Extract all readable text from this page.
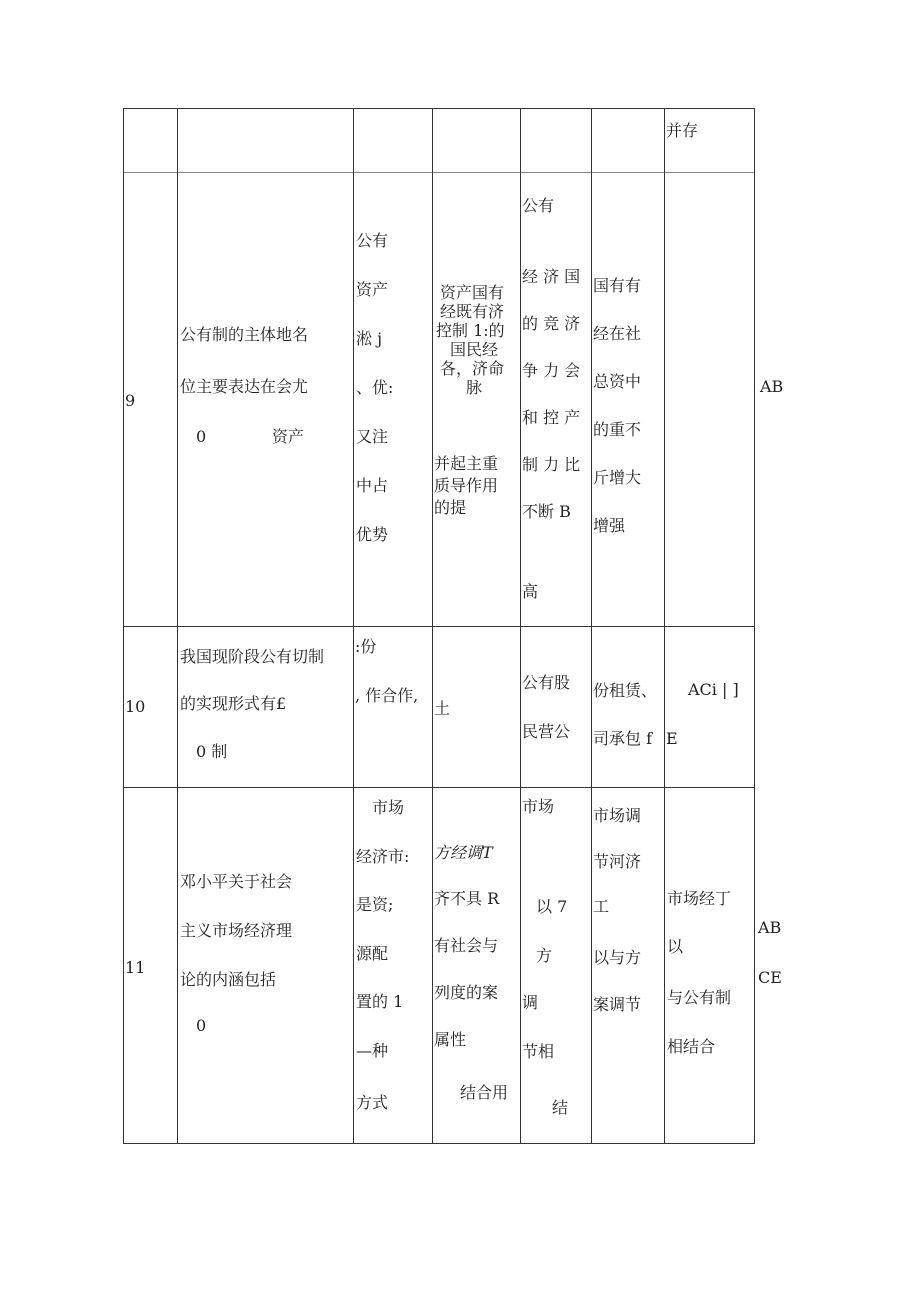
并存
9
公有制的主体地名
位主要表达在会尤
0	资产
公有
资产
淞 j
、优:
又注
中占
优势
资产国有
经既有济
控制 1:的
国民经
各，济命
脉
并起主重
质导作用
的提
公有
经 济 国
的 竞 济
争 力 会
和 控 产
制 力 比
不断 B
高
国有有
经在社
总资中
的重不
斤增大
增强
AB
10
我国现阶段公有切制
的实现形式有£
0 制
:份
, 作合作,
土
公有股
民营公
份租赁、
司承包 f
ACi | ]
E
11
邓小平关于社会
主义市场经济理
论的内涵包括
0
市场
经济市:
是资;
源配
置的 1
—种
方式
方经调T
齐不具 R
有社会与
列度的案
属性
结合用
市场
以 7
方
调
节相
结
市场调
节河济
工
以与方
案调节
市场经丁
以
与公有制
相结合
AB
CE
